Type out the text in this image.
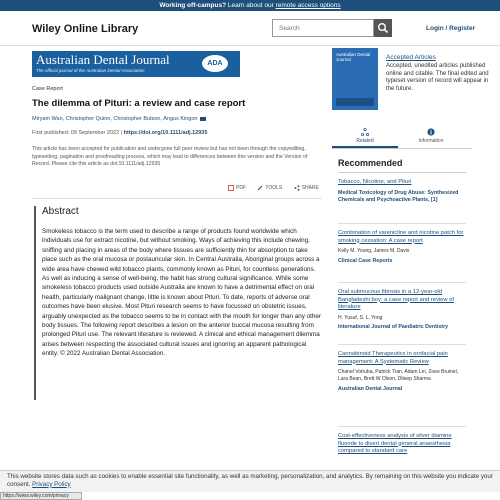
Working off-campus? Learn about our remote access options
Wiley Online Library
Search	Login / Register
Australian Dental Journal
The official journal of the Australian Dental Association
ADA
Case Report
The dilemma of Pituri: a review and case report
Miryam Wan, Christopher Quinn, Christopher Butson, Angus Kingon
First published: 09 September 2022 | https://doi.org/10.1111/adj.12935
This article has been accepted for publication and undergone full peer review but has not been through the copyediting, typesetting, pagination and proofreading process, which may lead to differences between this version and the Version of Record. Please cite this article as doi:10.1111/adj.12935
PDF	TOOLS	SHARE
Abstract

Smokeless tobacco is the term used to describe a range of products found worldwide which individuals use for extract nicotine, but without smoking. Ways of achieving this include chewing, sniffing and placing in areas of the body where tissues are sufficiently thin for absorption to take place such as the oral mucosa or postauricular skin. In Central Australia, Aboriginal groups across a wide area have chewed wild tobacco plants, commonly known as Pituri, for countless generations. As well as inducing a sense of well-being, the habit has strong cultural significance. While some smokeless tobacco products used outside Australia are known to have a detrimental effect on oral health, particularly malignant change, little is known about Pituri. To date, reports of adverse oral outcomes have been elusive. Most Pituri research seems to have focussed on obstetric issues, arguably unexpected as the tobacco seems to be in contact with the mouth for longer than any other body tissues. The following report describes a lesion on the anterior buccal mucosa resulting from prolonged Pituri use. The relevant literature is reviewed. A clinical and ethical management dilemma arises between respecting the associated cultural issues and ignoring an apparent pathological entity. © 2022 Australian Dental Association.

Australian Dental Journal	Accepted Articles
Accepted, unedited articles published online and citable. The final edited and typeset version of record will appear in the future.
Related	Information
Recommended
Tobacco, Nicotine, and Pituri
Medical Toxicology of Drug Abuse: Synthesized Chemicals and Psychoactive Plants, [1]
Combination of varenicline and nicotine patch for smoking cessation: A case report
Kelly M. Young, James M. Davis
Clinical Case Reports
Oral submucous fibrosis in a 12-year-old Bangladeshi boy: a case report and review of literature
H. Yusuf, S. L. Yong
International Journal of Paediatric Dentistry
Cannabinoid Therapeutics in orofacial pain management: A Systematic Review
Chanel Votruba, Patrick Tran, Adam Lei, Zoee Bruinel, Lara Bean, Brett W Olson, Dileep Sharma
Australian Dental Journal
Cost-effectiveness analysis of silver diamine fluoride to divert dental general anaesthesia compared to standard care
This website stores data such as cookies to enable essential site functionality, as well as marketing, personalization, and analytics. By remaining on this website you indicate your consent. Privacy Policy
https://www.wiley.com/privacy
